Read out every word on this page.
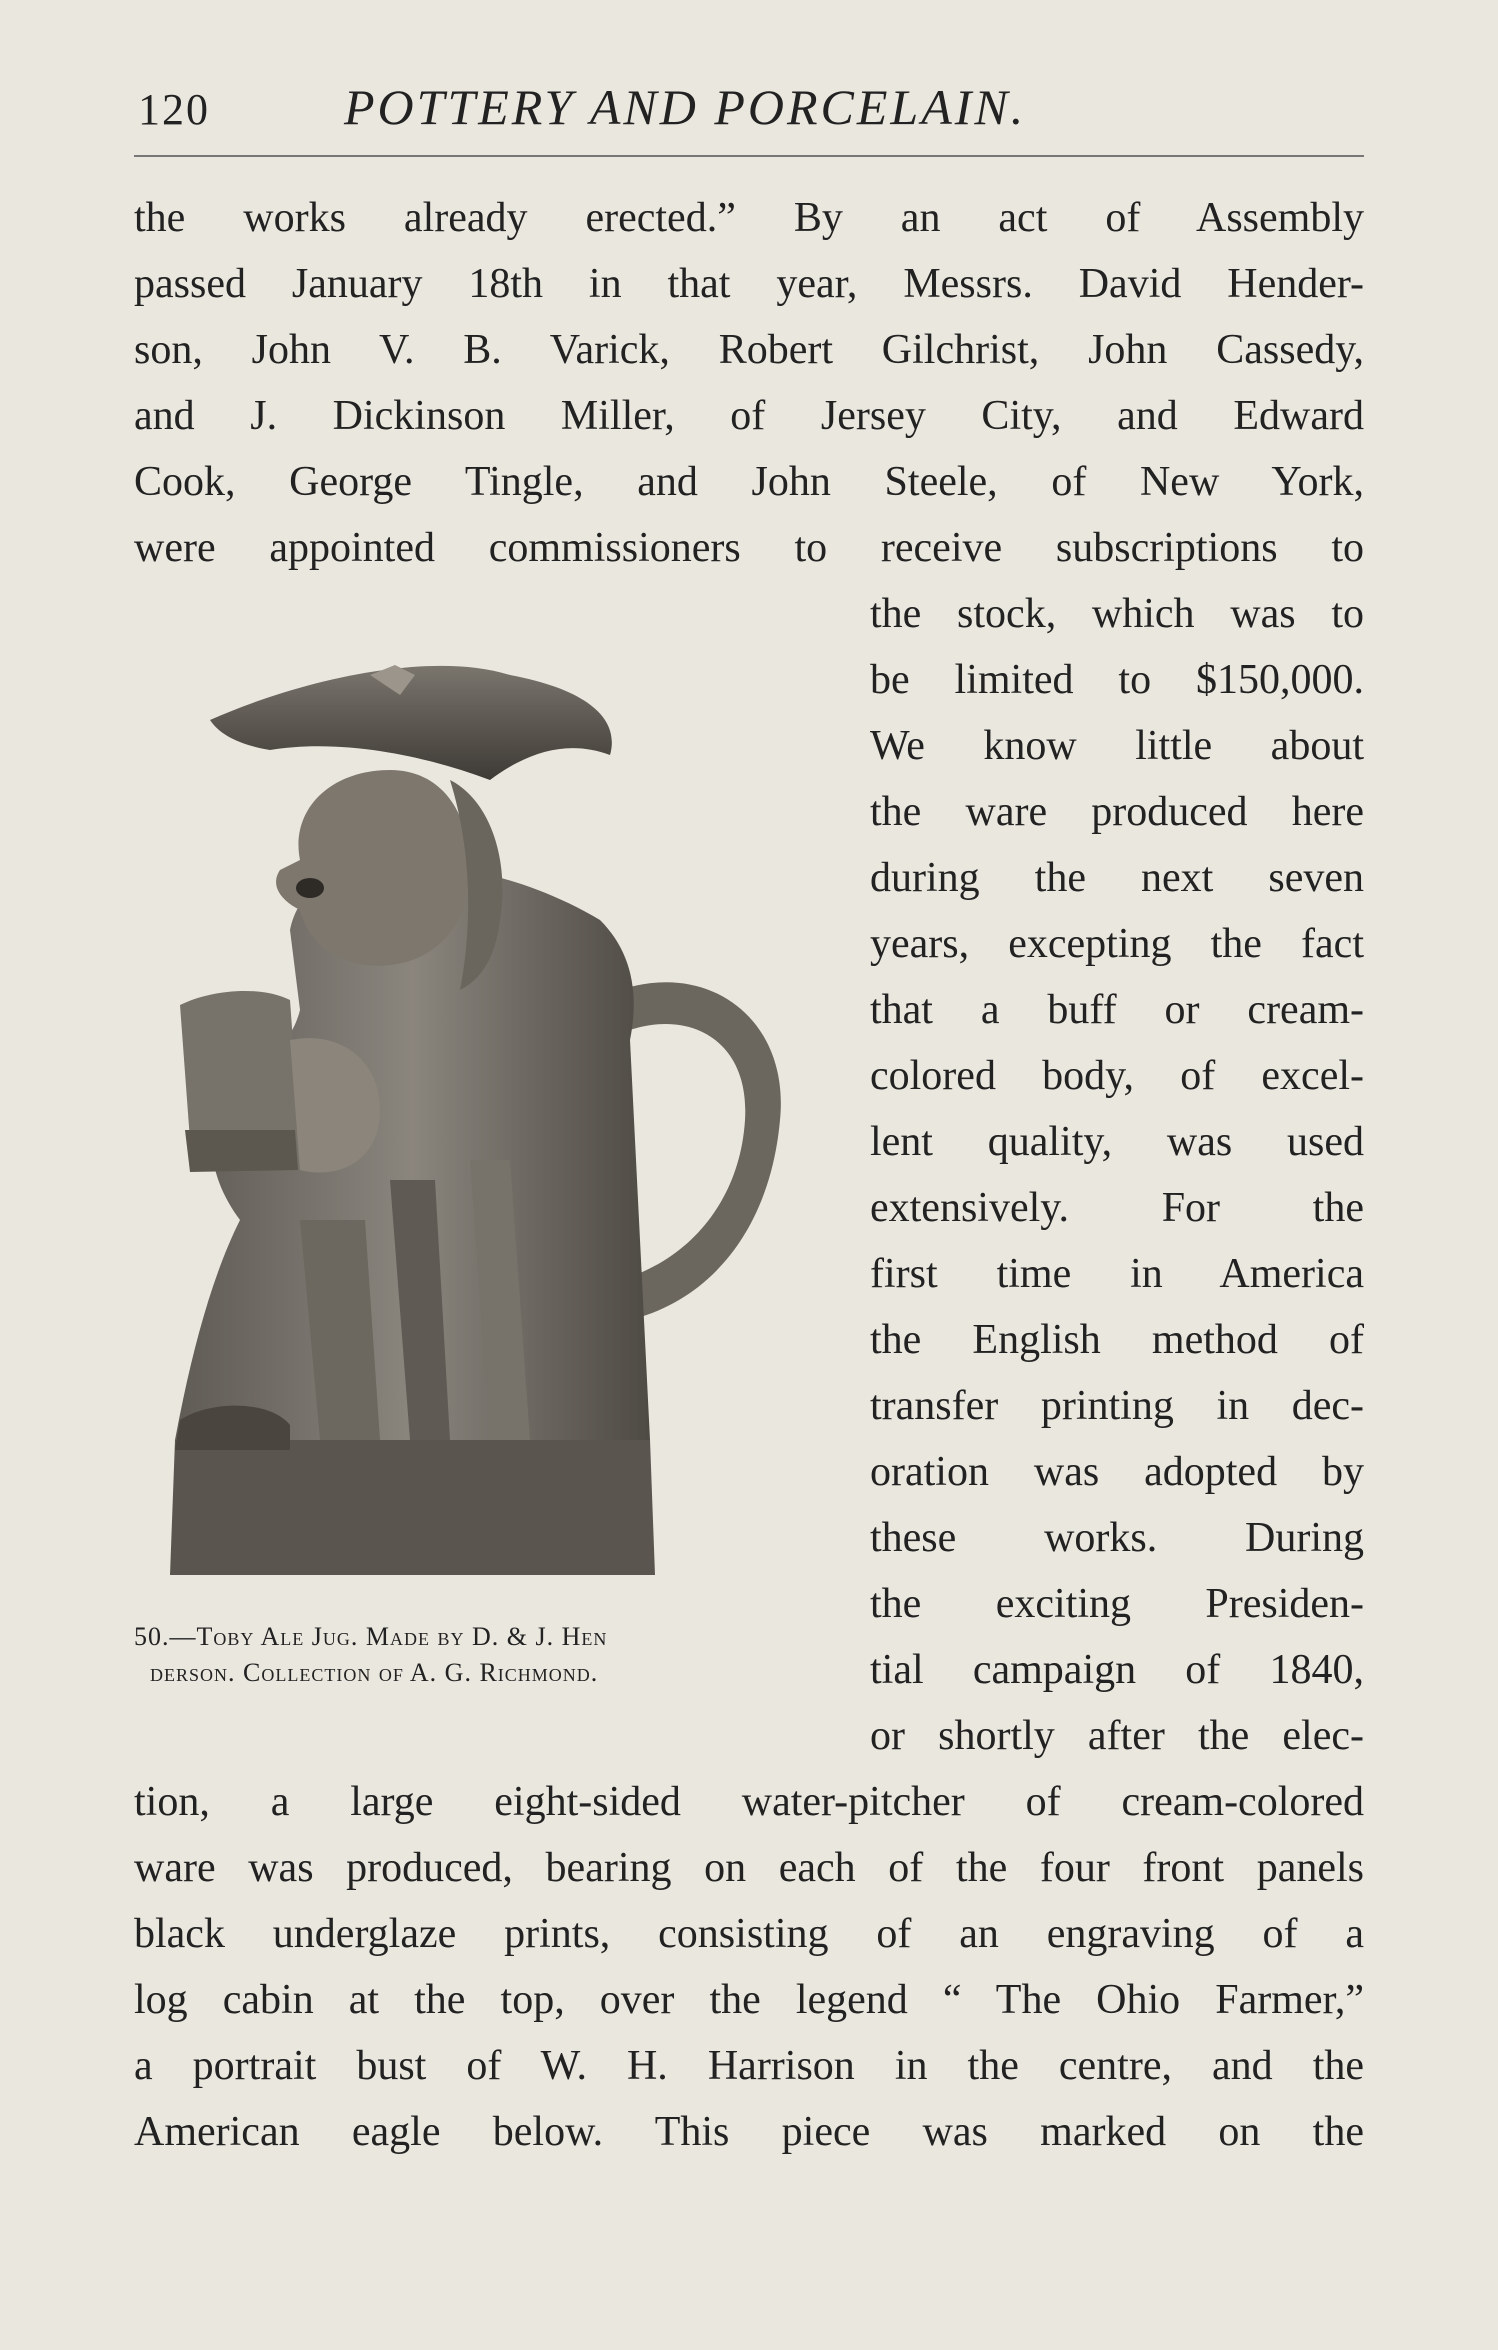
120	POTTERY AND PORCELAIN.
the works already erected.” By an act of Assembly
passed January 18th in that year, Messrs. David Hender-
son, John V. B. Varick, Robert Gilchrist, John Cassedy,
and J. Dickinson Miller, of Jersey City, and Edward
Cook, George Tingle, and John Steele, of New York,
were appointed commissioners to receive subscriptions to
the stock, which was to
be limited to $150,000.
We know little about
the ware produced here
during the next seven
years, excepting the fact
that a buff or cream-
colored body, of excel-
lent quality, was used
extensively. For the
first time in America
the English method of
transfer printing in dec-
oration was adopted by
these works. During
the exciting Presiden-
tial campaign of 1840,
or shortly after the elec-
tion, a large eight-sided water-pitcher of cream-colored
ware was produced, bearing on each of the four front panels
black underglaze prints, consisting of an engraving of a
log cabin at the top, over the legend “ The Ohio Farmer,”
a portrait bust of W. H. Harrison in the centre, and the
American eagle below. This piece was marked on the
50.—Toby Ale Jug. Made by D. & J. Hen
derson. Collection of A. G. Richmond.
